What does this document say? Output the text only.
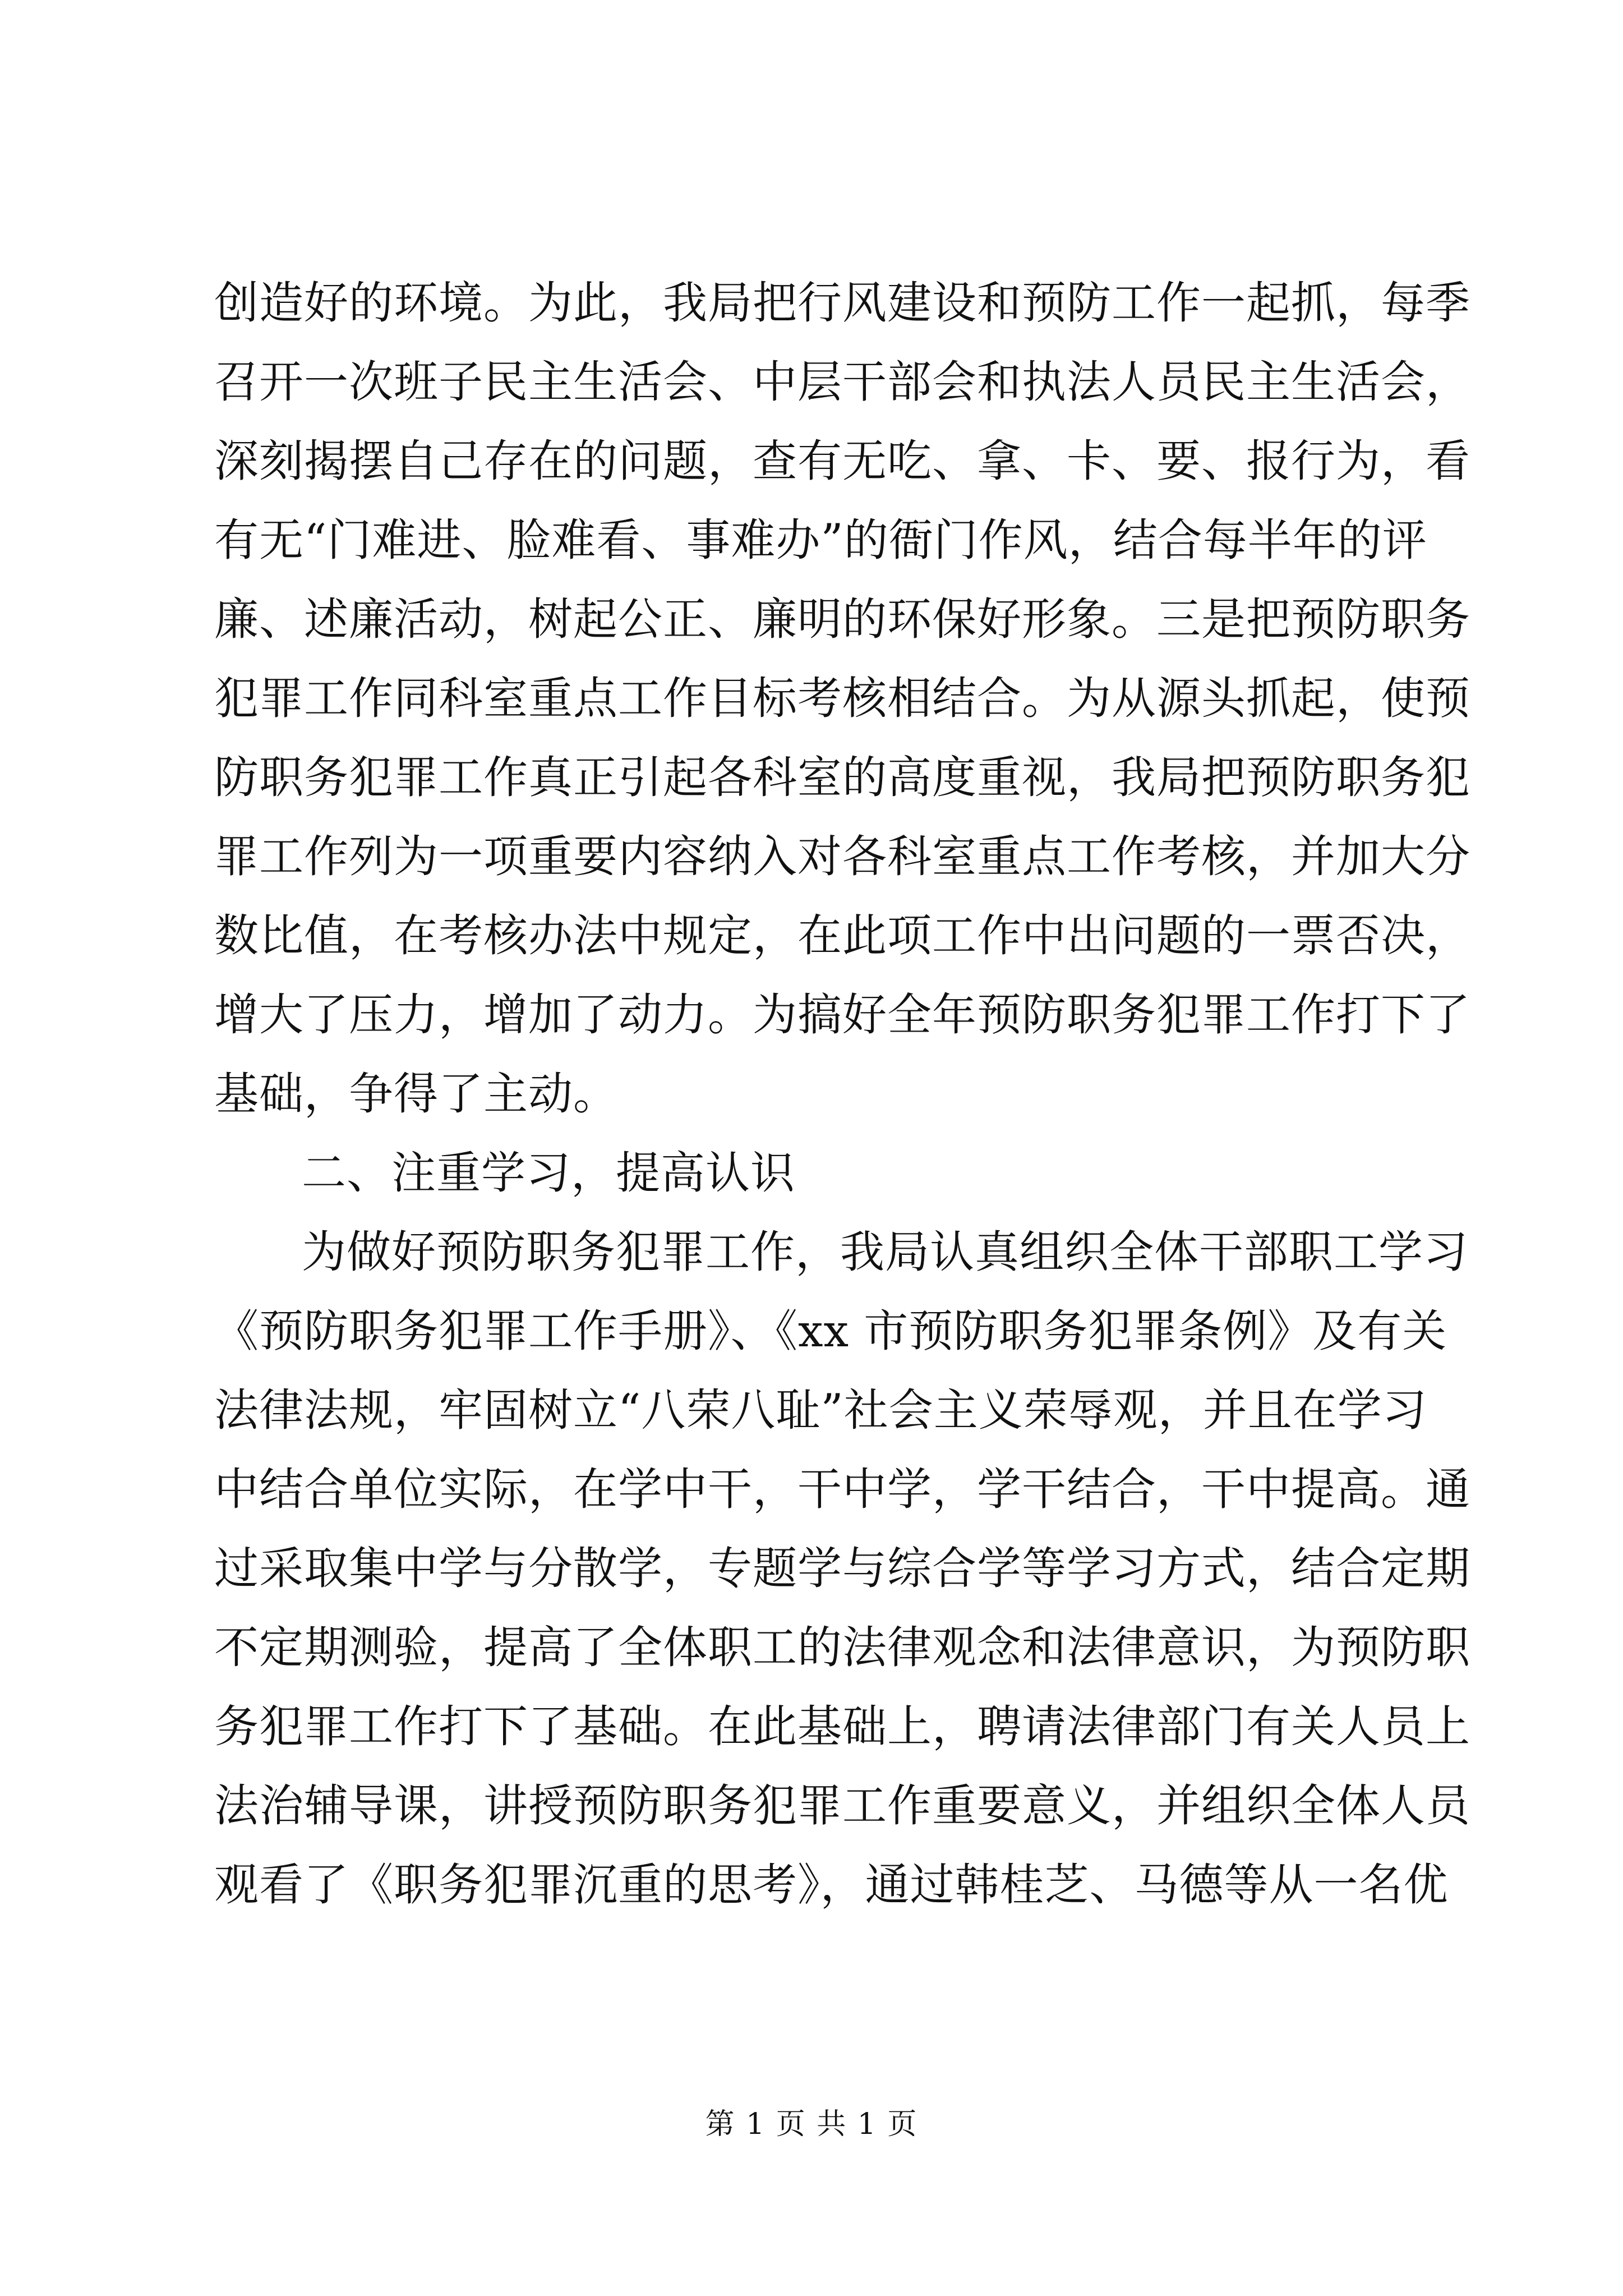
创造好的环境。为此，我局把行风建设和预防工作一起抓，每季
召开一次班子民主生活会、中层干部会和执法人员民主生活会，
深刻揭摆自己存在的问题，查有无吃、拿、卡、要、报行为，看
有无“门难进、脸难看、事难办”的衙门作风，结合每半年的评
廉、述廉活动，树起公正、廉明的环保好形象。三是把预防职务
犯罪工作同科室重点工作目标考核相结合。为从源头抓起，使预
防职务犯罪工作真正引起各科室的高度重视，我局把预防职务犯
罪工作列为一项重要内容纳入对各科室重点工作考核，并加大分
数比值，在考核办法中规定，在此项工作中出问题的一票否决，
增大了压力，增加了动力。为搞好全年预防职务犯罪工作打下了
基础，争得了主动。
二、注重学习，提高认识
为做好预防职务犯罪工作，我局认真组织全体干部职工学习
《预防职务犯罪工作手册》、《xx 市预防职务犯罪条例》及有关
法律法规，牢固树立“八荣八耻”社会主义荣辱观，并且在学习
中结合单位实际，在学中干，干中学，学干结合，干中提高。通
过采取集中学与分散学，专题学与综合学等学习方式，结合定期
不定期测验，提高了全体职工的法律观念和法律意识，为预防职
务犯罪工作打下了基础。在此基础上，聘请法律部门有关人员上
法治辅导课，讲授预防职务犯罪工作重要意义，并组织全体人员
观看了《职务犯罪沉重的思考》，通过韩桂芝、马德等从一名优
第 1 页 共 1 页
